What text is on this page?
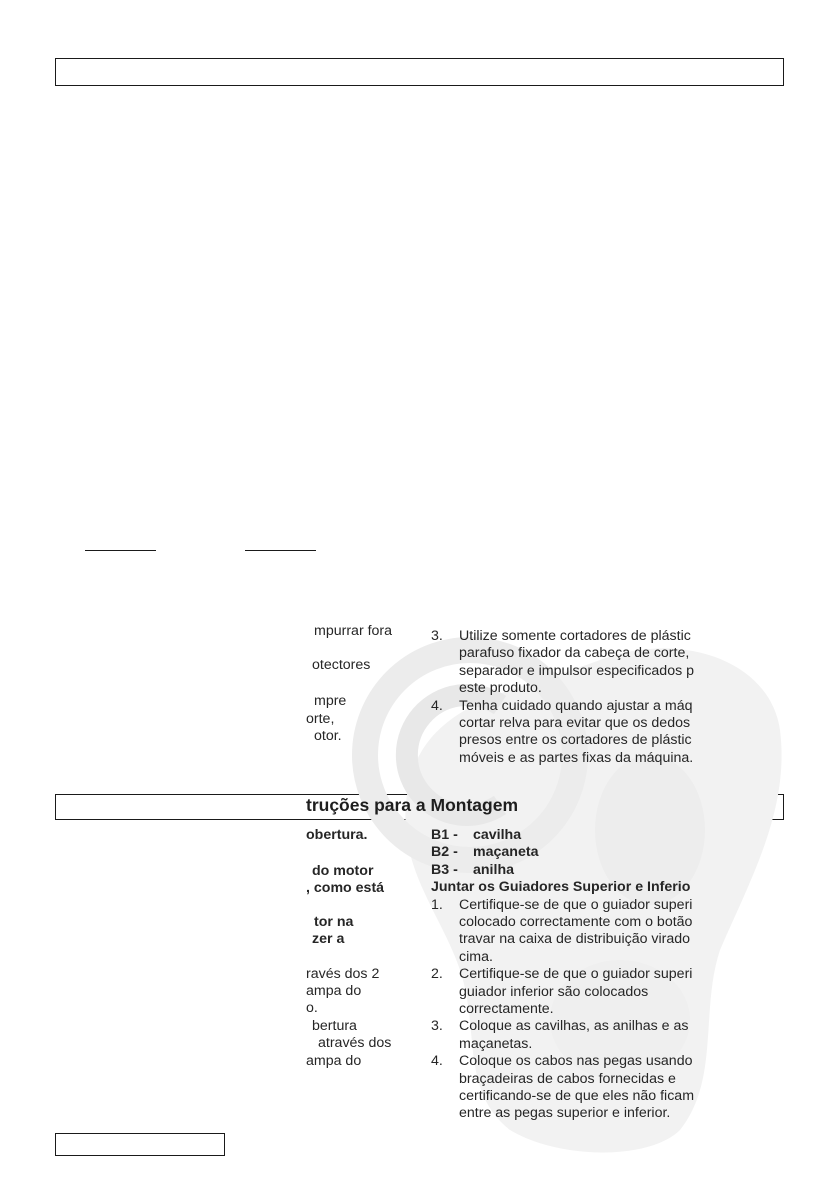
mpurrar fora
otectores
mpre
orte,
otor.
3. Utilize somente cortadores de plástic
parafuso fixador da cabeça de corte,
separador e impulsor especificados p
este produto.
4. Tenha cuidado quando ajustar a máq
cortar relva para evitar que os dedos
presos entre os cortadores de plástic
móveis e as partes fixas da máquina.
truções para a Montagem
obertura.
do motor
, como está
tor na
zer a
ravés dos 2
ampa do
o.
bertura
através dos
ampa do
B1 - cavilha
B2 - maçaneta
B3 - anilha
Juntar os Guiadores Superior e Inferio
1. Certifique-se de que o guiador superi
colocado correctamente com o botão
travar na caixa de distribuição virado
cima.
2. Certifique-se de que o guiador superi
guiador inferior são colocados
correctamente.
3. Coloque as cavilhas, as anilhas e as
maçanetas.
4. Coloque os cabos nas pegas usando
braçadeiras de cabos fornecidas e
certificando-se de que eles não ficam
entre as pegas superior e inferior.
